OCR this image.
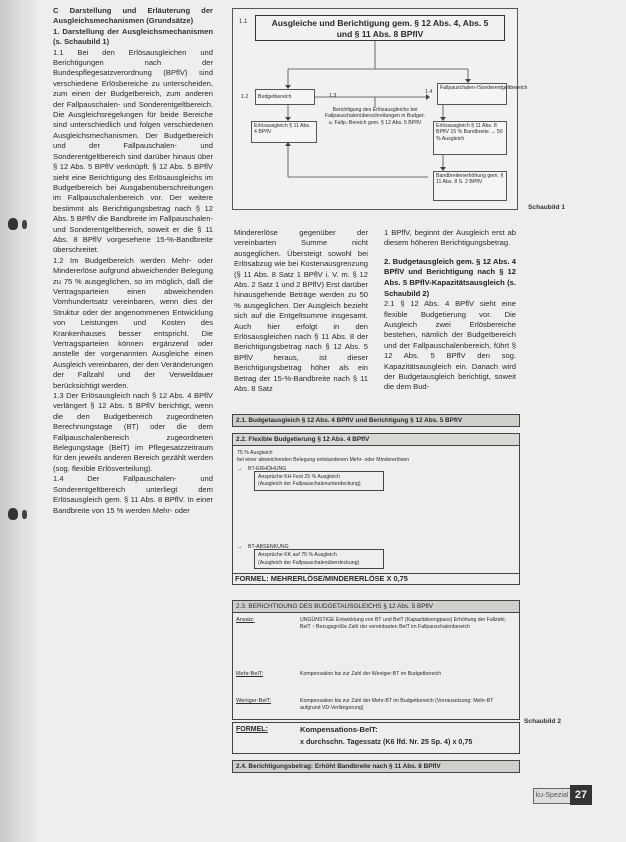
C Darstellung und Erläuterung der Ausgleichsmechanismen (Grundsätze)

1. Darstellung der Ausgleichsmechanismen (s. Schaubild 1)

1.1 Bei den Erlösausgleichen und Berichtigungen nach der Bundespflegesatzverordnung (BPflV) sind verschiedene Erlösbereiche zu unterscheiden, zum einen der Budgetbereich, zum anderen der Fallpauschalen- und Sonderentgeltbereich. Die Ausgleichsregelungen für beide Bereiche sind unterschiedlich und folgen verschiedenen Ausgleichsmechanismen. Der Budgetbereich und der Fallpauschalen- und Sonderentgeltbereich sind darüber hinaus über § 12 Abs. 5 BPflV verknüpft. § 12 Abs. 5 BPflV sieht eine Berichtigung des Erlösausgleichs im Budgetbereich bei Ausgabenüberschreitungen im Fallpauschalenbereich vor. Der weitere bestimmt als Berichtigungsbetrag nach § 12 Abs. 5 BPflV die Bandbreite im Fallpauschalen- und Sonderentgeltbereich, soweit er die § 11 Abs. 8 BPflV vorgesehene 15-%-Bandbreite überschreitet.

1.2 Im Budgetbereich werden Mehr- oder Mindererlöse aufgrund abweichender Belegung zu 75 % ausgeglichen, so im möglich, daß die Vertragsparteien einen abweichenden Vomhundertsatz vereinbaren, wenn dies der Struktur oder der angenommenen Entwicklung von Leistungen und Kosten des Krankenhauses besser entspricht. Die Vertragsparteien können ergänzend oder anstelle der vorgenannten Ausgleiche einen Ausgleich vereinbaren, der den Veränderungen der Fallzahl und der Verweildauer berücksichtigt werden.

1.3 Der Erlösausgleich nach § 12 Abs. 4 BPflV verlängert § 12 Abs. 5 BPflV berichtigt, wenn die den Budgetbereich zugeordneten Berechnungstage (BT) oder die dem Fallpauschalenbereich zugeordneten Belegungstage (BelT) im Pflegesatzzeitraum für den jeweils anderen Bereich gezählt werden (sog. flexible Erlösverteilung).

1.4 Der Fallpauschalen- und Sonderentgeltbereich unterliegt dem Erlösausgleich gem. § 11 Abs. 8 BPflV. In einer Bandbreite von 15 % werden Mehr- oder

1.1	Ausgleiche und Berichtigung gem. § 12 Abs. 4, Abs. 5
und § 11 Abs. 8 BPflV
1.2	Budgetbereich
1.4
Fallpauschalen-/Sonderentgeltbereich
1.3
Berichtigung des Erlösausgleichs bei Fallpauschalenüberschreitungen in Budget- u. Fallp.-Bereich gem. § 12 Abs. 5 BPflV
Erlösausgleich § 11 Abs. 4 BPflV
Erlösausgleich § 11 Abs. 8 BPflV 15 % Bandbreite → 50 % Ausgleich
Bandbreitenerhöhung gem. § 11 Abs. 8 S. 2 BPflV
Schaubild 1

Mindererlöse gegenüber der vereinbarten Summe nicht ausgeglichen. Übersteigt sowohl bei Erlösabzug wie bei Kostenausgrenzung (§ 11 Abs. 8 Satz 1 BPflV i. V. m. § 12 Abs. 2 Satz 1 und 2 BPflV) Erst darüber hinausgehende Beträge werden zu 50 % ausgeglichen. Der Ausgleich bezieht sich auf die Entgeltsumme insgesamt. Auch hier erfolgt in den Erlösausgleichen nach § 11 Abs. 8 der Berichtigungsbetrag nach § 12 Abs. 5 BPflV heraus, ist dieser Berichtigungsbetrag höher als ein Betrag der 15-%-Bandbreite nach § 11 Abs. 8 Satz

1 BPflV, beginnt der Ausgleich erst ab diesem höheren Berichtigungsbetrag.

2. Budgetausgleich gem. § 12 Abs. 4 BPflV und Berichtigung nach § 12 Abs. 5 BPflV-Kapazitätsausgleich (s. Schaubild 2)

2.1 § 12 Abs. 4 BPflV sieht eine flexible Budgetierung vor. Die Ausgleich zwei Erlösbereiche bestehen, nämlich der Budgetbereich und der Fallpauschalenbereich, führt § 12 Abs. 5 BPflV den sog. Kapazitätsausgleich ein. Danach wird der Budgetausgleich berichtigt, soweit die dem Bud-

2.1. Budgetausgleich § 12 Abs. 4 BPflV und Berichtigung § 12 Abs. 5 BPflV
2.2. Flexible Budgetierung § 12 Abs. 4 BPflV
75 % Ausgleich
bei einer abweichenden Belegung entstandenen Mehr- oder Mindererlösen
→ BT-ERHÖHUNG
Ansprüche KH Fest 25 % Ausgleich
(Ausgleich der Fallpauschalenunterdeckung)
→ BT-ABSENKUNG
Ansprüche KK auf 75 % Ausgleich
(Ausgleich der Fallpauschalenüberdeckung)
FORMEL: MEHRERLÖSE/MINDERERLÖSE X 0,75
2.3. BERICHTIGUNG DES BUDGETAUSGLEICHS § 12 Abs. 5 BPflV
Ansatz:	UNGÜNSTIGE Entwicklung von BT und BelT (Kapazitätsengpass) Erhöhung der Fallzahl, BelT ↑ Bezugsgröße Zahl der vereinbarten BelT im Fallpauschalenbereich
Mehr-BelT:	Kompensation bis zur Zahl der Weniger-BT im Budgetbereich
Weniger-BelT:	Kompensation bis zur Zahl der Mehr-BT im Budgetbereich (Vorrausetzung: Mehr-BT aufgrund VD-Verlängerung)
FORMEL:	Kompensations-BelT:
x durchschn. Tagessatz (K6 lfd. Nr. 25 Sp. 4) x 0,75
2.4. Berichtigungsbetrag: Erhöht Bandbreite nach § 11 Abs. 8 BPflV
Schaubild 2
ku-Spezial 27
